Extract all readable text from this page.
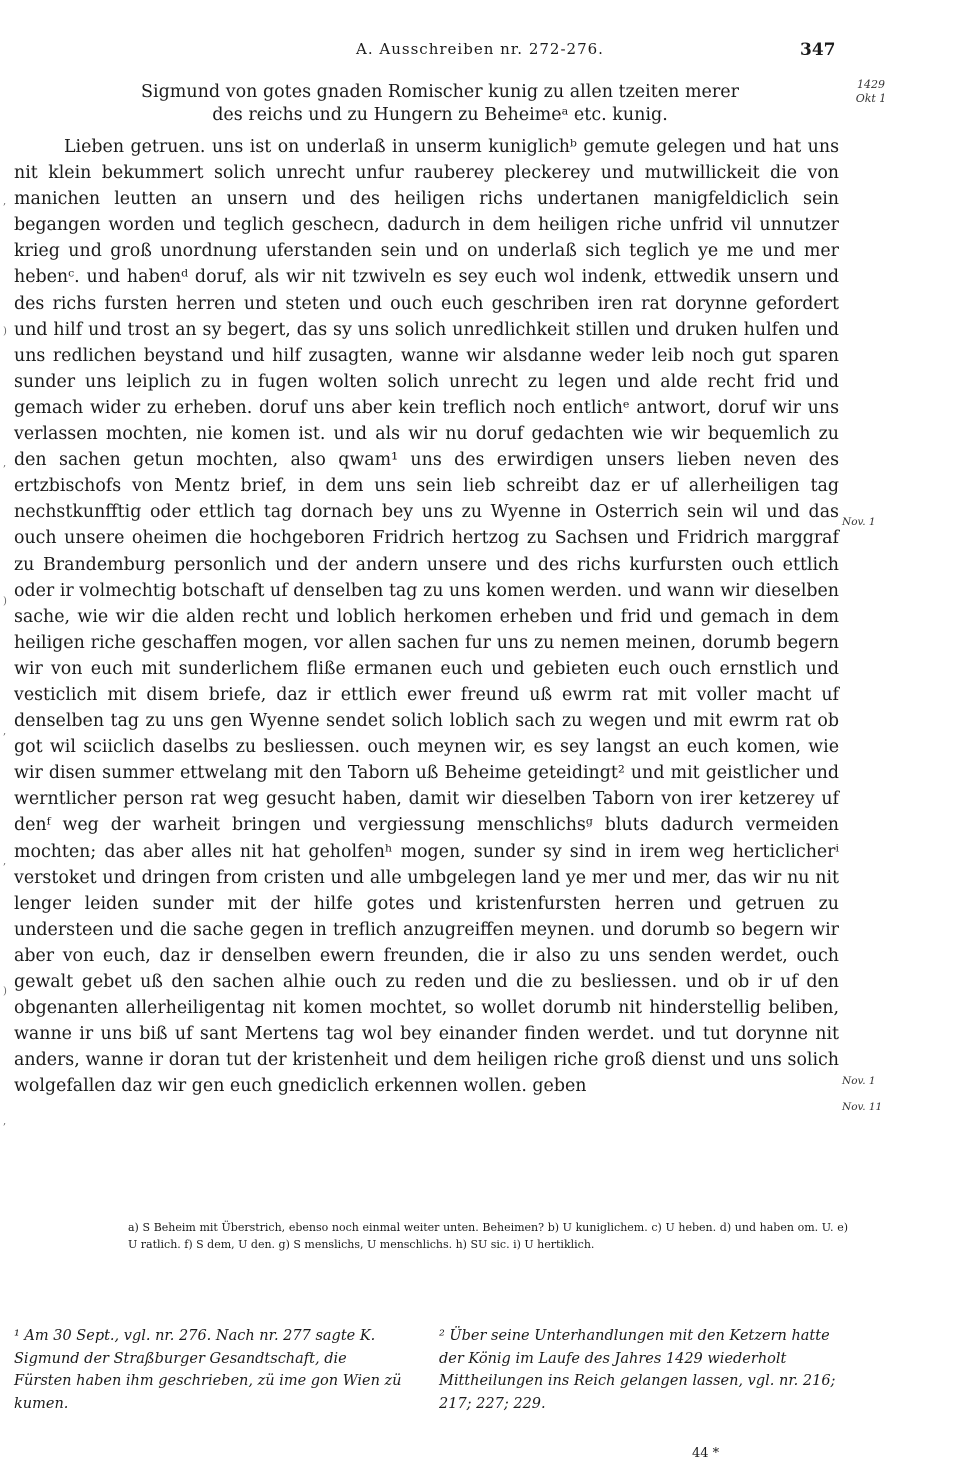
A. Ausschreiben nr. 272-276.	347
Sigmund von gotes gnaden Romischer kunig zu allen tzeiten merer des reichs und zu Hungern zu Beheimeᵃ etc. kunig.
1429
Okt 1

Lieben getruen. uns ist on underlaß in unserm kuniglichᵇ gemute gelegen und hat uns nit klein bekummert solich unrecht unfur rauberey pleckerey und mutwillickeit die von manichen leutten an unsern und des heiligen richs undertanen manigfeldiclich sein begangen worden und teglich geschecn, dadurch in dem heiligen riche unfrid vil unnutzer krieg und groß unordnung uferstanden sein und on underlaß sich teglich ye me und mer hebenᶜ. und habenᵈ doruf, als wir nit tzwiveln es sey euch wol indenk, ettwedik unsern und des richs fursten herren und steten und ouch euch geschriben iren rat dorynne gefordert und hilf und trost an sy begert, das sy uns solich unredlichkeit stillen und druken hulfen und uns redlichen beystand und hilf zusagten, wanne wir alsdanne weder leib noch gut sparen sunder uns leiplich zu in fugen wolten solich unrecht zu legen und alde recht frid und gemach wider zu erheben. doruf uns aber kein treflich noch entlichᵉ antwort, doruf wir uns verlassen mochten, nie komen ist. und als wir nu doruf gedachten wie wir bequemlich zu den sachen getun mochten, also qwam¹ uns des erwirdigen unsers lieben neven des ertzbischofs von Mentz brief, in dem uns sein lieb schreibt daz er uf allerheiligen tag nechstkunfftig oder ettlich tag dornach bey uns zu Wyenne in Osterrich sein wil und das ouch unsere oheimen die hochgeboren Fridrich hertzog zu Sachsen und Fridrich marggraf zu Brandemburg personlich und der andern unsere und des richs kurfursten ouch ettlich oder ir volmechtig botschaft uf denselben tag zu uns komen werden. und wann wir dieselben sache, wie wir die alden recht und loblich herkomen erheben und frid und gemach in dem heiligen riche geschaffen mogen, vor allen sachen fur uns zu nemen meinen, dorumb begern wir von euch mit sunderlichem fliße ermanen euch und gebieten euch ouch ernstlich und vesticlich mit disem briefe, daz ir ettlich ewer freund uß ewrm rat mit voller macht uf denselben tag zu uns gen Wyenne sendet solich loblich sach zu wegen und mit ewrm rat ob got wil sciiclich daselbs zu besliessen. ouch meynen wir, es sey langst an euch komen, wie wir disen summer ettwelang mit den Taborn uß Beheime geteidingt² und mit geistlicher und werntlicher person rat weg gesucht haben, damit wir dieselben Taborn von irer ketzerey uf denᶠ weg der warheit bringen und vergiessung menschlichsᵍ bluts dadurch vermeiden mochten; das aber alles nit hat geholfenʰ mogen, sunder sy sind in irem weg herticlicherⁱ verstoket und dringen from cristen und alle umbgelegen land ye mer und mer, das wir nu nit lenger leiden sunder mit der hilfe gotes und kristenfursten herren und getruen zu understeen und die sache gegen in treflich anzugreiffen meynen. und dorumb so begern wir aber von euch, daz ir denselben ewern freunden, die ir also zu uns senden werdet, ouch gewalt gebet uß den sachen alhie ouch zu reden und die zu besliessen. und ob ir uf den obgenanten allerheiligentag nit komen mochtet, so wollet dorumb nit hinderstellig beliben, wanne ir uns biß uf sant Mertens tag wol bey einander finden werdet. und tut dorynne nit anders, wanne ir doran tut der kristenheit und dem heiligen riche groß dienst und uns solich wolgefallen daz wir gen euch gnediclich erkennen wollen. geben

,
)
,
)
,
,
)
,
Nov. 1
Nov. 1
Nov. 11
a) S Beheim mit Überstrich, ebenso noch einmal weiter unten. Beheimen? b) U kuniglichem. c) U heben. d) und haben om. U. e) U ratlich. f) S dem, U den. g) S menslichs, U menschlichs. h) SU sic. i) U hertiklich.
¹ Am 30 Sept., vgl. nr. 276. Nach nr. 277 sagte K. Sigmund der Straßburger Gesandtschaft, die Fürsten haben ihm geschrieben, zü ime gon Wien zü kumen.
² Über seine Unterhandlungen mit den Ketzern hatte der König im Laufe des Jahres 1429 wiederholt Mittheilungen ins Reich gelangen lassen, vgl. nr. 216; 217; 227; 229.
44 *
